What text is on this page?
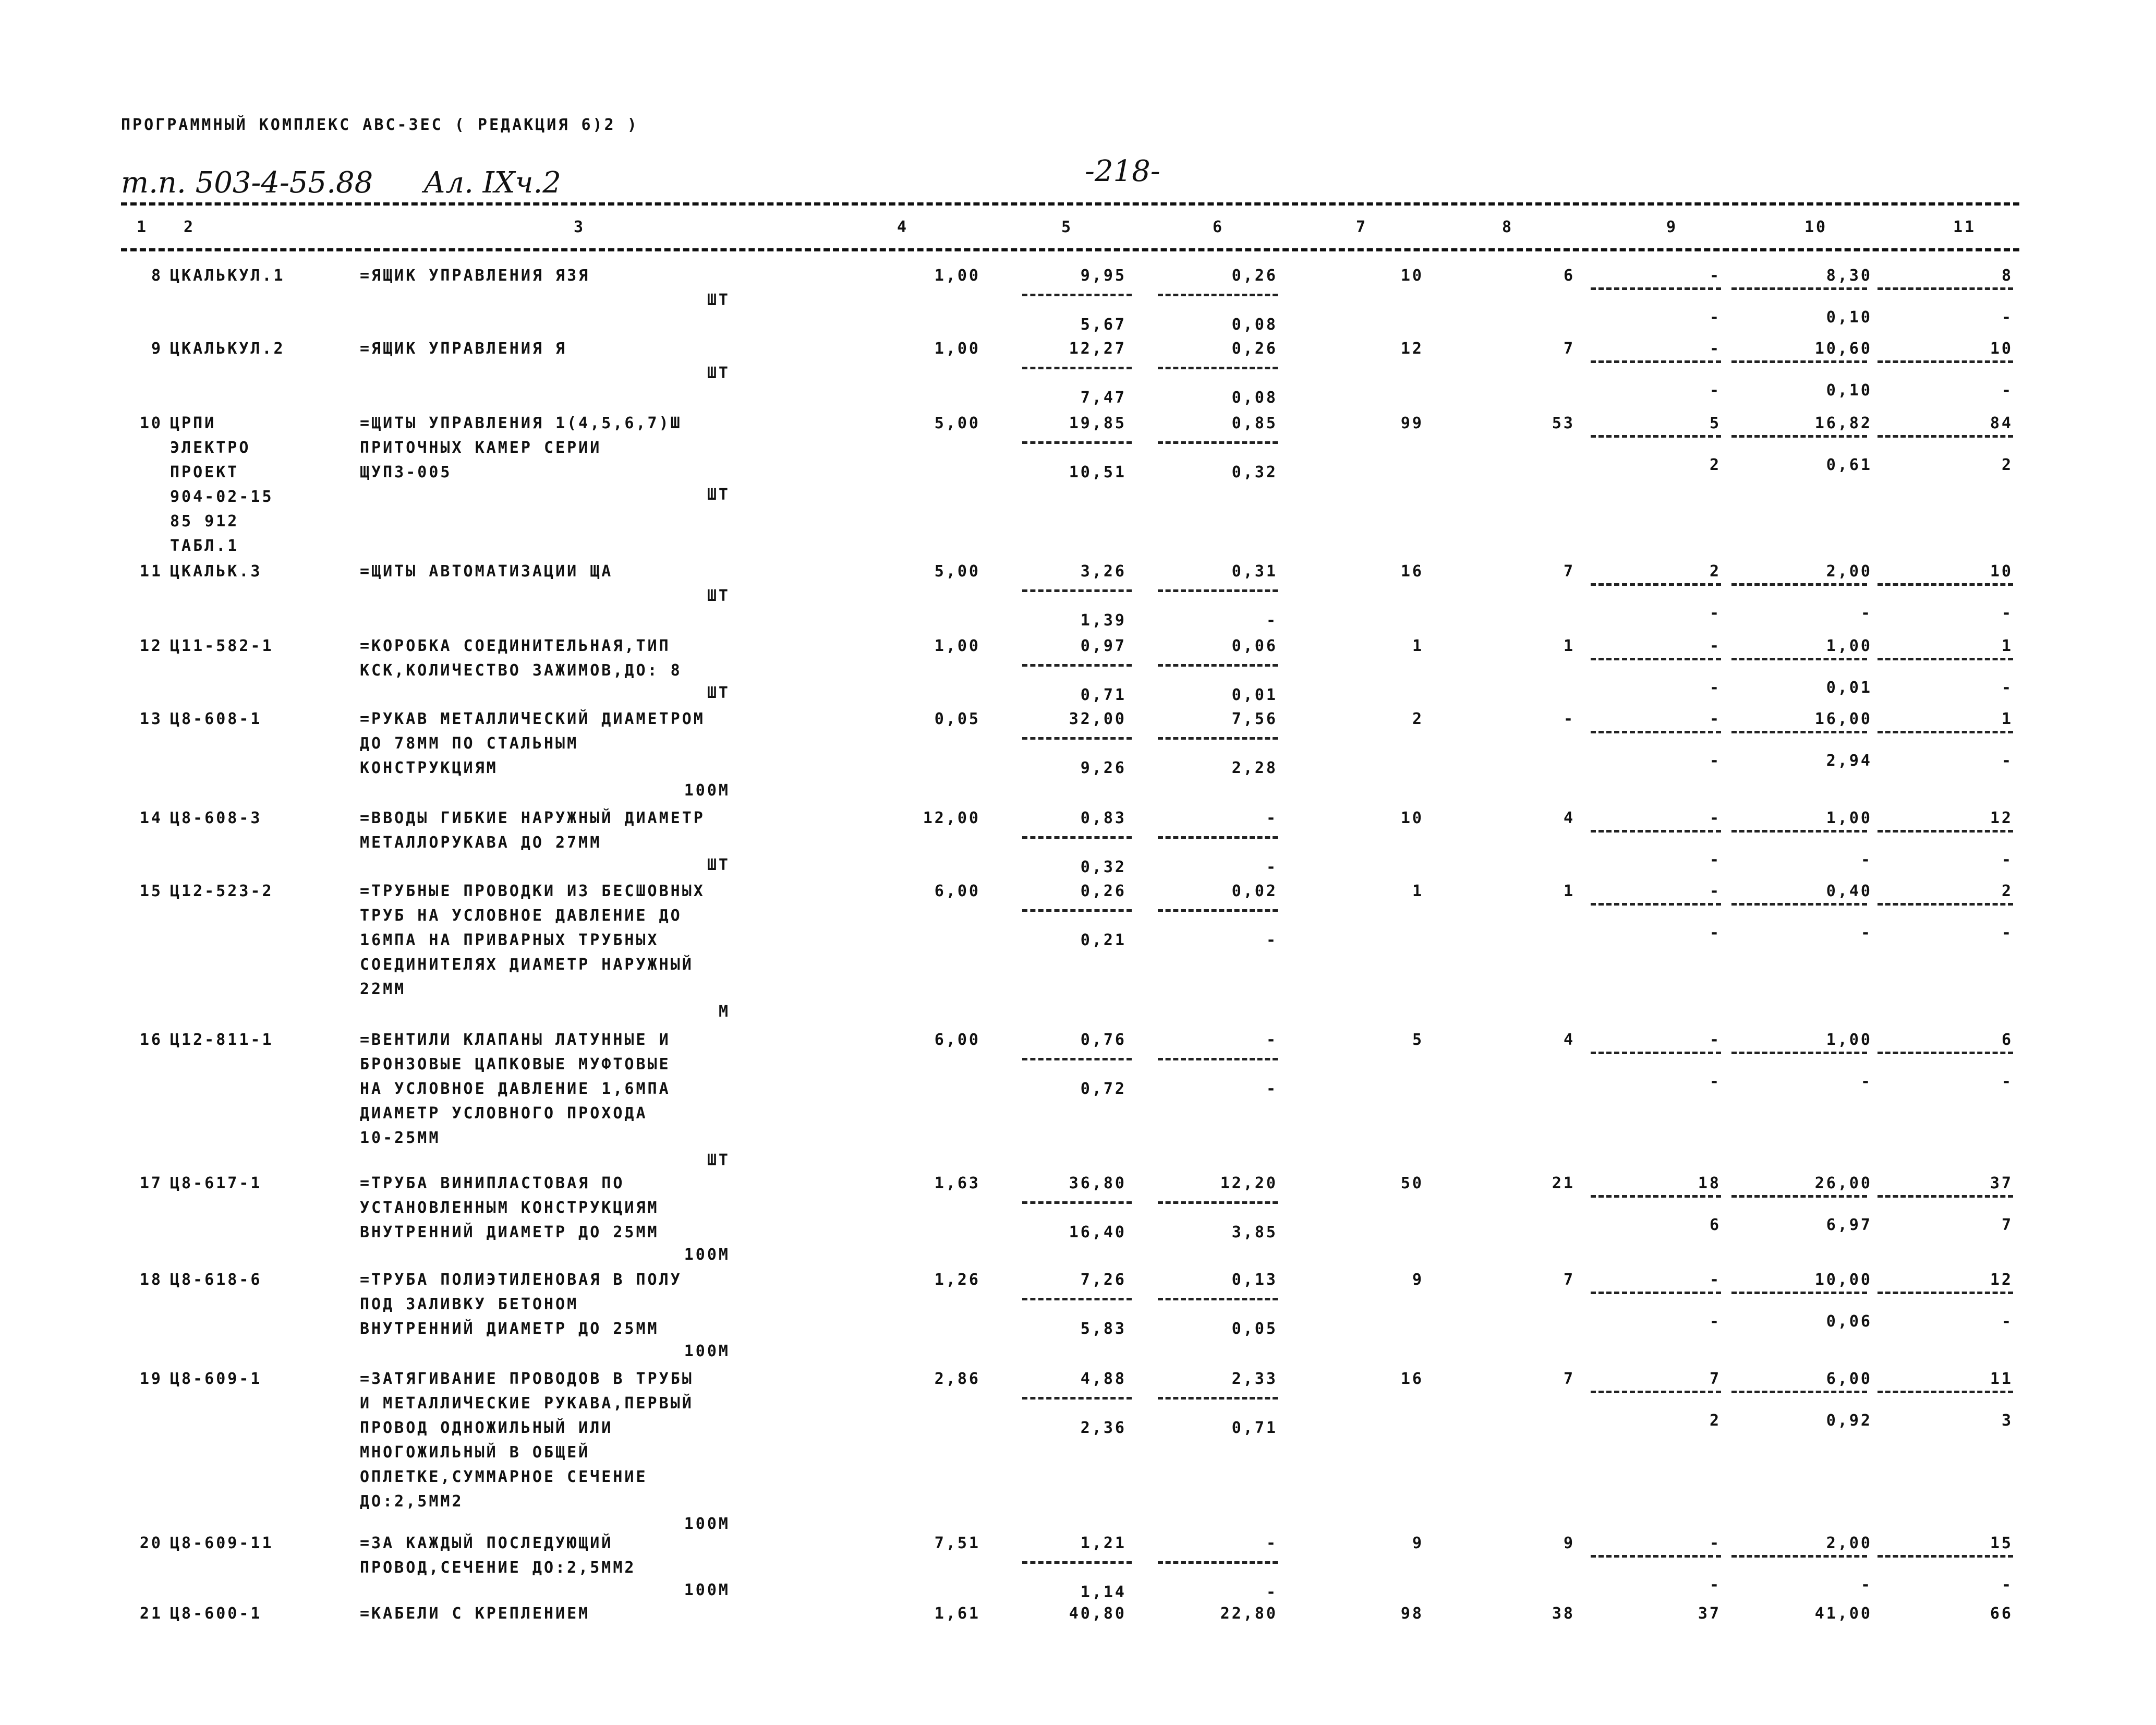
ПРОГРАММНЫЙ КОМПЛЕКС АВС-ЗЕС ( РЕДАКЦИЯ 6)2 )
т.п. 503-4-55.88 Ал. IХч.2	-218-
1 2	3	4	5	6	7	8	9	10	11
8 ЦКАЛЬКУЛ.1	=ЯЩИК УПРАВЛЕНИЯ ЯЗЯ	1,00	9,95	0,26	10	6	-	8,30	8
5,67	0,08	-	0,10	-
ШТ
9 ЦКАЛЬКУЛ.2	=ЯЩИК УПРАВЛЕНИЯ Я	1,00	12,27	0,26	12	7	-	10,60	10
7,47	0,08	-	0,10	-
ШТ
10 ЦРПИ
ЭЛЕКТРО
ПРОЕКТ
904-02-15
85 912
ТАБЛ.1
=ЩИТЫ УПРАВЛЕНИЯ 1(4,5,6,7)Ш
ПРИТОЧНЫХ КАМЕР СЕРИИ
ЩУПЗ-005
5,00	19,85	0,85	99	53	5	16,82	84
10,51	0,32	2	0,61	2
ШТ
11 ЦКАЛЬК.3	=ЩИТЫ АВТОМАТИЗАЦИИ ЩА	5,00	3,26	0,31	16	7	2	2,00	10
1,39	-	-	-	-
ШТ
12 Ц11-582-1	=КОРОБКА СОЕДИНИТЕЛЬНАЯ,ТИП
КСК,КОЛИЧЕСТВО ЗАЖИМОВ,ДО: 8
1,00	0,97	0,06	1	1	-	1,00	1
0,71	0,01	-	0,01	-
ШТ
13 Ц8-608-1	=РУКАВ МЕТАЛЛИЧЕСКИЙ ДИАМЕТРОМ
ДО 78ММ ПО СТАЛЬНЫМ
КОНСТРУКЦИЯМ
0,05	32,00	7,56	2	-	-	16,00	1
9,26	2,28	-	2,94	-
100М
14 Ц8-608-3	=ВВОДЫ ГИБКИЕ НАРУЖНЫЙ ДИАМЕТР
МЕТАЛЛОРУКАВА ДО 27ММ
12,00	0,83	-	10	4	-	1,00	12
0,32	-	-	-	-
ШТ
15 Ц12-523-2	=ТРУБНЫЕ ПРОВОДКИ ИЗ БЕСШОВНЫХ
ТРУБ НА УСЛОВНОЕ ДАВЛЕНИЕ ДО
16МПА НА ПРИВАРНЫХ ТРУБНЫХ
СОЕДИНИТЕЛЯХ ДИАМЕТР НАРУЖНЫЙ
22ММ
6,00	0,26	0,02	1	1	-	0,40	2
0,21	-	-	-	-
М
16 Ц12-811-1	=ВЕНТИЛИ КЛАПАНЫ ЛАТУННЫЕ И
БРОНЗОВЫЕ ЦАПКОВЫЕ МУФТОВЫЕ
НА УСЛОВНОЕ ДАВЛЕНИЕ 1,6МПА
ДИАМЕТР УСЛОВНОГО ПРОХОДА
10-25ММ
6,00	0,76	-	5	4	-	1,00	6
0,72	-	-	-	-
ШТ
17 Ц8-617-1	=ТРУБА ВИНИПЛАСТОВАЯ ПО
УСТАНОВЛЕННЫМ КОНСТРУКЦИЯМ
ВНУТРЕННИЙ ДИАМЕТР ДО 25ММ
1,63	36,80	12,20	50	21	18	26,00	37
16,40	3,85	6	6,97	7
100М
18 Ц8-618-6	=ТРУБА ПОЛИЭТИЛЕНОВАЯ В ПОЛУ
ПОД ЗАЛИВКУ БЕТОНОМ
ВНУТРЕННИЙ ДИАМЕТР ДО 25ММ
1,26	7,26	0,13	9	7	-	10,00	12
5,83	0,05	-	0,06	-
100М
19 Ц8-609-1	=ЗАТЯГИВАНИЕ ПРОВОДОВ В ТРУБЫ
И МЕТАЛЛИЧЕСКИЕ РУКАВА,ПЕРВЫЙ
ПРОВОД ОДНОЖИЛЬНЫЙ ИЛИ
МНОГОЖИЛЬНЫЙ В ОБЩЕЙ
ОПЛЕТКЕ,СУММАРНОЕ СЕЧЕНИЕ
ДО:2,5ММ2
2,86	4,88	2,33	16	7	7	6,00	11
2,36	0,71	2	0,92	3
100М
20 Ц8-609-11	=ЗА КАЖДЫЙ ПОСЛЕДУЮЩИЙ
ПРОВОД,СЕЧЕНИЕ ДО:2,5ММ2
7,51	1,21	-	9	9	-	2,00	15
1,14	-	-	-	-
100М
21 Ц8-600-1	=КАБЕЛИ С КРЕПЛЕНИЕМ	1,61	40,80	22,80	98	38	37	41,00	66
